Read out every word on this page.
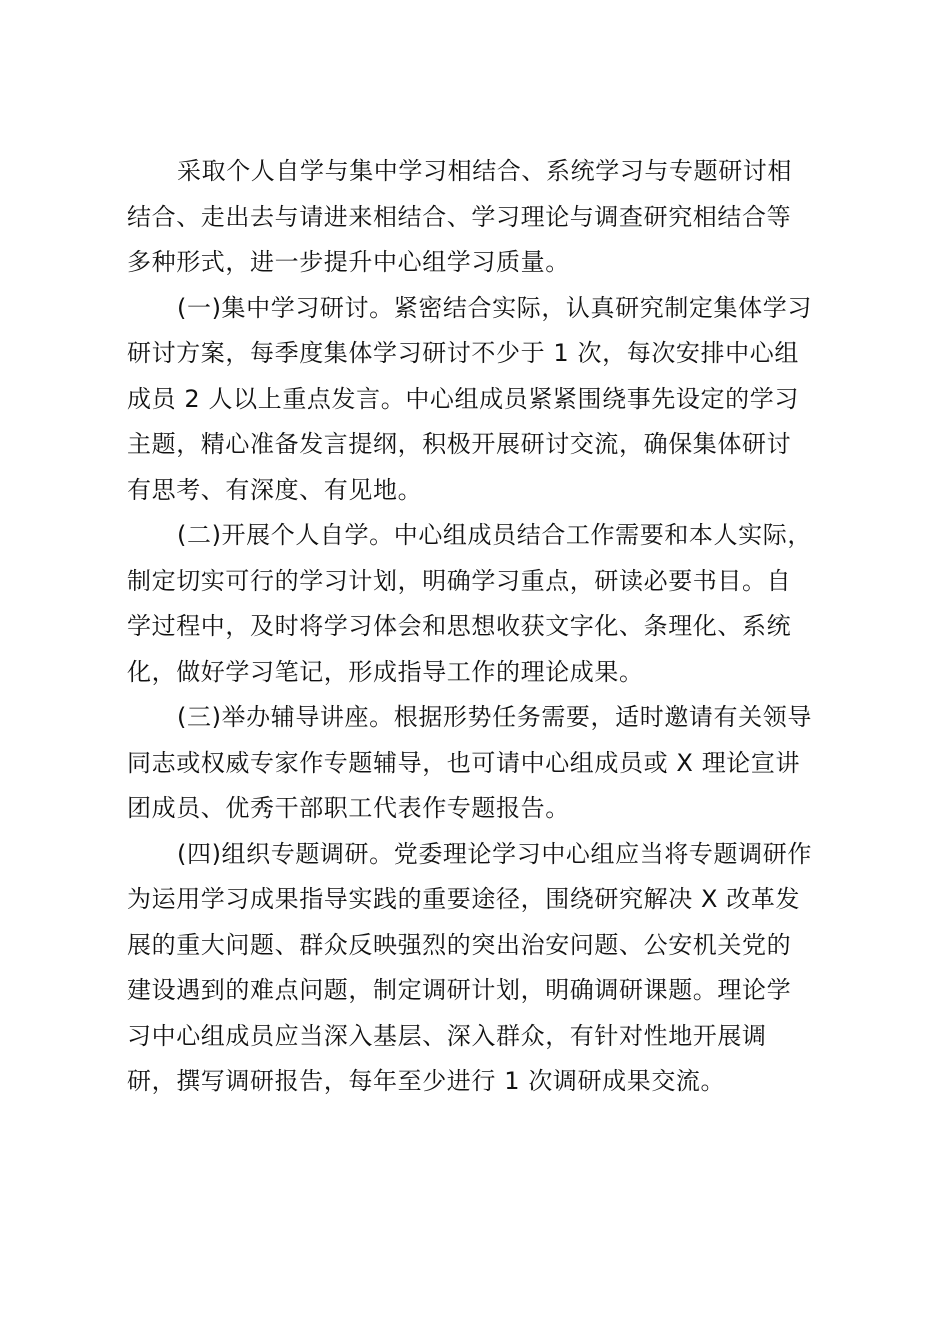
采取个人自学与集中学习相结合、系统学习与专题研讨相
结合、走出去与请进来相结合、学习理论与调查研究相结合等
多种形式，进一步提升中心组学习质量。
(一)集中学习研讨。紧密结合实际，认真研究制定集体学习
研讨方案，每季度集体学习研讨不少于 1 次，每次安排中心组
成员 2 人以上重点发言。中心组成员紧紧围绕事先设定的学习
主题，精心准备发言提纲，积极开展研讨交流，确保集体研讨
有思考、有深度、有见地。
(二)开展个人自学。中心组成员结合工作需要和本人实际，
制定切实可行的学习计划，明确学习重点，研读必要书目。自
学过程中，及时将学习体会和思想收获文字化、条理化、系统
化，做好学习笔记，形成指导工作的理论成果。
(三)举办辅导讲座。根据形势任务需要，适时邀请有关领导
同志或权威专家作专题辅导，也可请中心组成员或 X 理论宣讲
团成员、优秀干部职工代表作专题报告。
(四)组织专题调研。党委理论学习中心组应当将专题调研作
为运用学习成果指导实践的重要途径，围绕研究解决 X 改革发
展的重大问题、群众反映强烈的突出治安问题、公安机关党的
建设遇到的难点问题，制定调研计划，明确调研课题。理论学
习中心组成员应当深入基层、深入群众，有针对性地开展调
研，撰写调研报告，每年至少进行 1 次调研成果交流。
